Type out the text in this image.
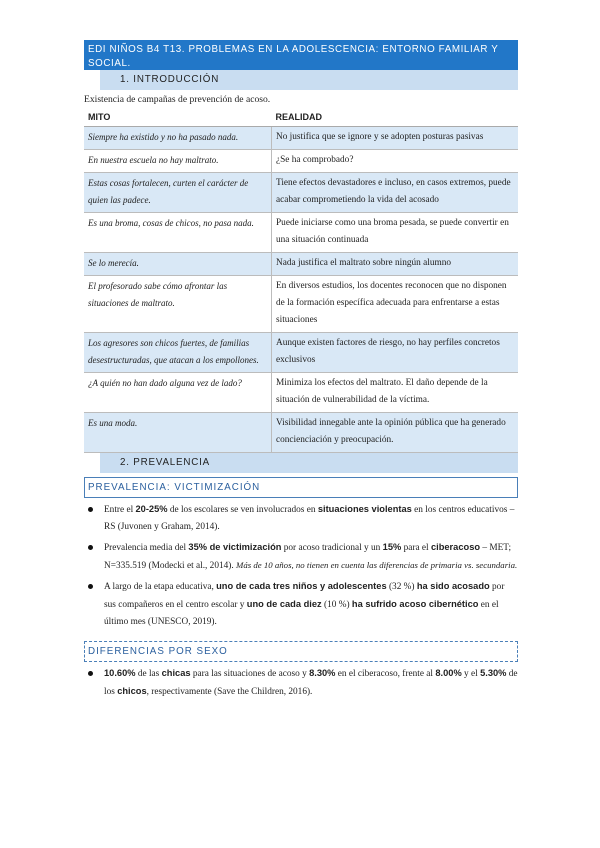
EDI NIÑOS B4 T13. PROBLEMAS EN LA ADOLESCENCIA: ENTORNO FAMILIAR Y SOCIAL.
1. INTRODUCCIÓN
Existencia de campañas de prevención de acoso.
MITO	REALIDAD
Siempre ha existido y no ha pasado nada.	No justifica que se ignore y se adopten posturas pasivas
En nuestra escuela no hay maltrato.	¿Se ha comprobado?
Estas cosas fortalecen, curten el carácter de quien las padece.	Tiene efectos devastadores e incluso, en casos extremos, puede acabar comprometiendo la vida del acosado
Es una broma, cosas de chicos, no pasa nada.	Puede iniciarse como una broma pesada, se puede convertir en una situación continuada
Se lo merecía.	Nada justifica el maltrato sobre ningún alumno
El profesorado sabe cómo afrontar las situaciones de maltrato.	En diversos estudios, los docentes reconocen que no disponen de la formación específica adecuada para enfrentarse a estas situaciones
Los agresores son chicos fuertes, de familias desestructuradas, que atacan a los empollones.	Aunque existen factores de riesgo, no hay perfiles concretos exclusivos
¿A quién no han dado alguna vez de lado?	Minimiza los efectos del maltrato. El daño depende de la situación de vulnerabilidad de la víctima.
Es una moda.	Visibilidad innegable ante la opinión pública que ha generado concienciación y preocupación.
2. PREVALENCIA
PREVALENCIA: VICTIMIZACIÓN
Entre el 20-25% de los escolares se ven involucrados en situaciones violentas en los centros educativos – RS (Juvonen y Graham, 2014).
Prevalencia media del 35% de victimización por acoso tradicional y un 15% para el ciberacoso – MET; N=335.519 (Modecki et al., 2014). Más de 10 años, no tienen en cuenta las diferencias de primaria vs. secundaria.
A largo de la etapa educativa, uno de cada tres niños y adolescentes (32 %) ha sido acosado por sus compañeros en el centro escolar y uno de cada diez (10 %) ha sufrido acoso cibernético en el último mes (UNESCO, 2019).
DIFERENCIAS POR SEXO
10.60% de las chicas para las situaciones de acoso y 8.30% en el ciberacoso, frente al 8.00% y el 5.30% de los chicos, respectivamente (Save the Children, 2016).
